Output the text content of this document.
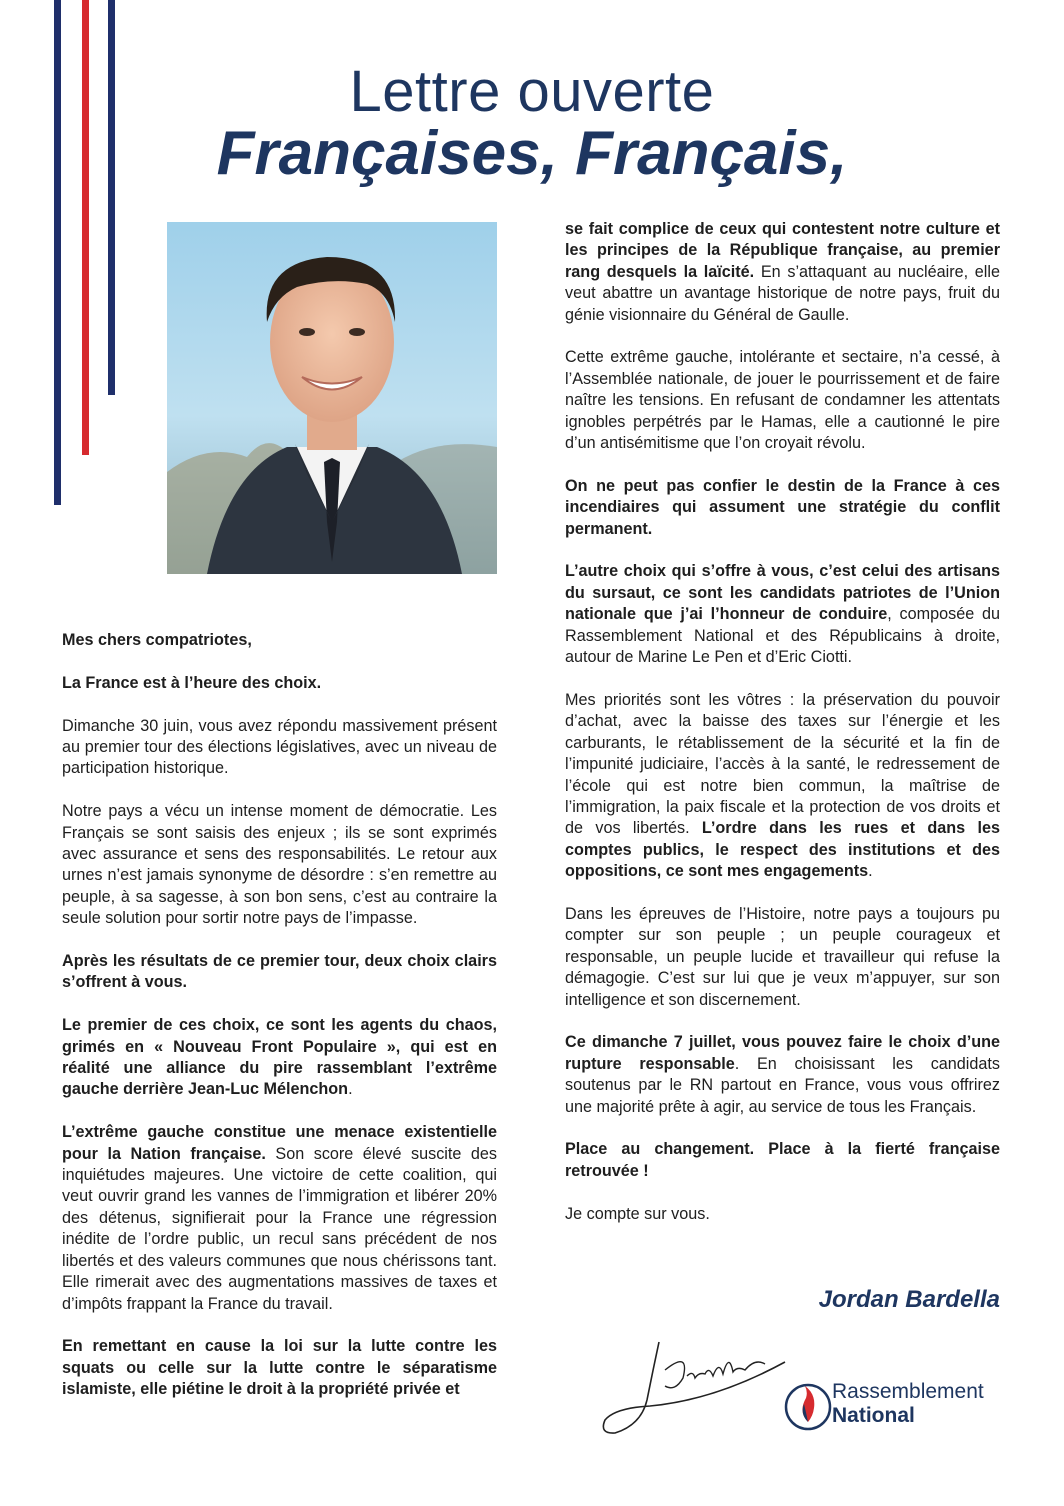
Lettre ouverte
Françaises, Français,

Mes chers compatriotes,

La France est à l’heure des choix.

Dimanche 30 juin, vous avez répondu massivement présent au premier tour des élections législatives, avec un niveau de participation historique.

Notre pays a vécu un intense moment de démocratie. Les Français se sont saisis des enjeux ; ils se sont exprimés avec assurance et sens des responsabilités. Le retour aux urnes n’est jamais synonyme de désordre : s’en remettre au peuple, à sa sagesse, à son bon sens, c’est au contraire la seule solution pour sortir notre pays de l’impasse.

Après les résultats de ce premier tour, deux choix clairs s’offrent à vous.

Le premier de ces choix, ce sont les agents du chaos, grimés en « Nouveau Front Populaire », qui est en réalité une alliance du pire rassemblant l’extrême gauche derrière Jean-Luc Mélenchon.

L’extrême gauche constitue une menace existentielle pour la Nation française. Son score élevé suscite des inquiétudes majeures. Une victoire de cette coalition, qui veut ouvrir grand les vannes de l’immigration et libérer 20% des détenus, signifierait pour la France une régression inédite de l’ordre public, un recul sans précédent de nos libertés et des valeurs communes que nous chérissons tant. Elle rimerait avec des augmentations massives de taxes et d’impôts frappant la France du travail.

En remettant en cause la loi sur la lutte contre les squats ou celle sur la lutte contre le séparatisme islamiste, elle piétine le droit à la propriété privée et

se fait complice de ceux qui contestent notre culture et les principes de la République française, au premier rang desquels la laïcité. En s’attaquant au nucléaire, elle veut abattre un avantage historique de notre pays, fruit du génie visionnaire du Général de Gaulle.

Cette extrême gauche, intolérante et sectaire, n’a cessé, à l’Assemblée nationale, de jouer le pourrissement et de faire naître les tensions. En refusant de condamner les attentats ignobles perpétrés par le Hamas, elle a cautionné le pire d’un antisémitisme que l’on croyait révolu.

On ne peut pas confier le destin de la France à ces incendiaires qui assument une stratégie du conflit permanent.

L’autre choix qui s’offre à vous, c’est celui des artisans du sursaut, ce sont les candidats patriotes de l’Union nationale que j’ai l’honneur de conduire, composée du Rassemblement National et des Républicains à droite, autour de Marine Le Pen et d’Eric Ciotti.

Mes priorités sont les vôtres : la préservation du pouvoir d’achat, avec la baisse des taxes sur l’énergie et les carburants, le rétablissement de la sécurité et la fin de l’impunité judiciaire, l’accès à la santé, le redressement de l’école qui est notre bien commun, la maîtrise de l’immigration, la paix fiscale et la protection de vos droits et de vos libertés. L’ordre dans les rues et dans les comptes publics, le respect des institutions et des oppositions, ce sont mes engagements.

Dans les épreuves de l’Histoire, notre pays a toujours pu compter sur son peuple ; un peuple courageux et responsable, un peuple lucide et travailleur qui refuse la démagogie. C’est sur lui que je veux m’appuyer, sur son intelligence et son discernement.

Ce dimanche 7 juillet, vous pouvez faire le choix d’une rupture responsable. En choisissant les candidats soutenus par le RN partout en France, vous vous offrirez une majorité prête à agir, au service de tous les Français.

Place au changement. Place à la fierté française retrouvée !

Je compte sur vous.

Jordan Bardella
Rassemblement
National
